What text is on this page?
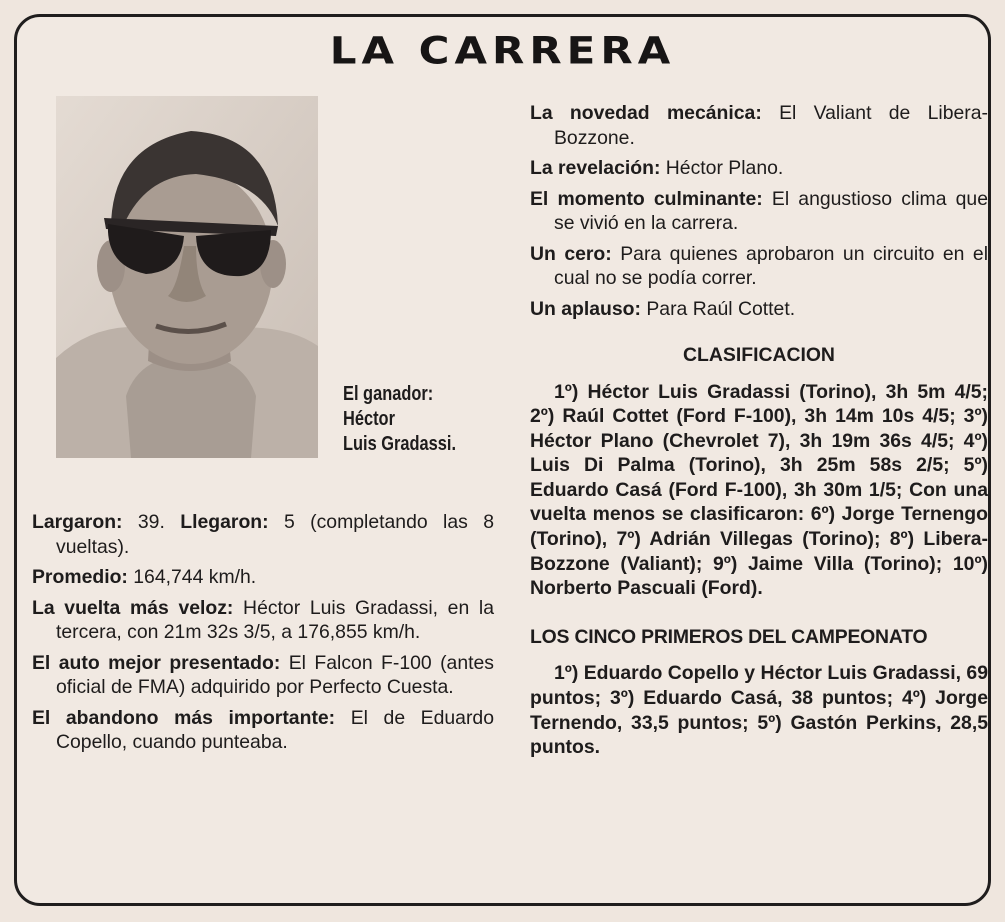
LA CARRERA
El ganador:
Héctor
Luis Gradassi.

Largaron: 39. Llegaron: 5 (completando las 8 vueltas).

Promedio: 164,744 km/h.

La vuelta más veloz: Héctor Luis Gradassi, en la tercera, con 21m 32s 3/5, a 176,855 km/h.

El auto mejor presentado: El Falcon F-100 (antes oficial de FMA) adquirido por Perfecto Cuesta.

El abandono más importante: El de Eduardo Copello, cuando punteaba.

La novedad mecánica: El Valiant de Libera-Bozzone.

La revelación: Héctor Plano.

El momento culminante: El angustioso clima que se vivió en la carrera.

Un cero: Para quienes aprobaron un circuito en el cual no se podía correr.

Un aplauso: Para Raúl Cottet.

CLASIFICACION

1º) Héctor Luis Gradassi (Torino), 3h 5m 4/5; 2º) Raúl Cottet (Ford F-100), 3h 14m 10s 4/5; 3º) Héctor Plano (Chevrolet 7), 3h 19m 36s 4/5; 4º) Luis Di Palma (Torino), 3h 25m 58s 2/5; 5º) Eduardo Casá (Ford F-100), 3h 30m 1/5; Con una vuelta menos se clasificaron: 6º) Jorge Ternengo (Torino), 7º) Adrián Villegas (Torino); 8º) Libera-Bozzone (Valiant); 9º) Jaime Villa (Torino); 10º) Norberto Pascuali (Ford).

LOS CINCO PRIMEROS DEL CAMPEONATO

1º) Eduardo Copello y Héctor Luis Gradassi, 69 puntos; 3º) Eduardo Casá, 38 puntos; 4º) Jorge Ternendo, 33,5 puntos; 5º) Gastón Perkins, 28,5 puntos.
